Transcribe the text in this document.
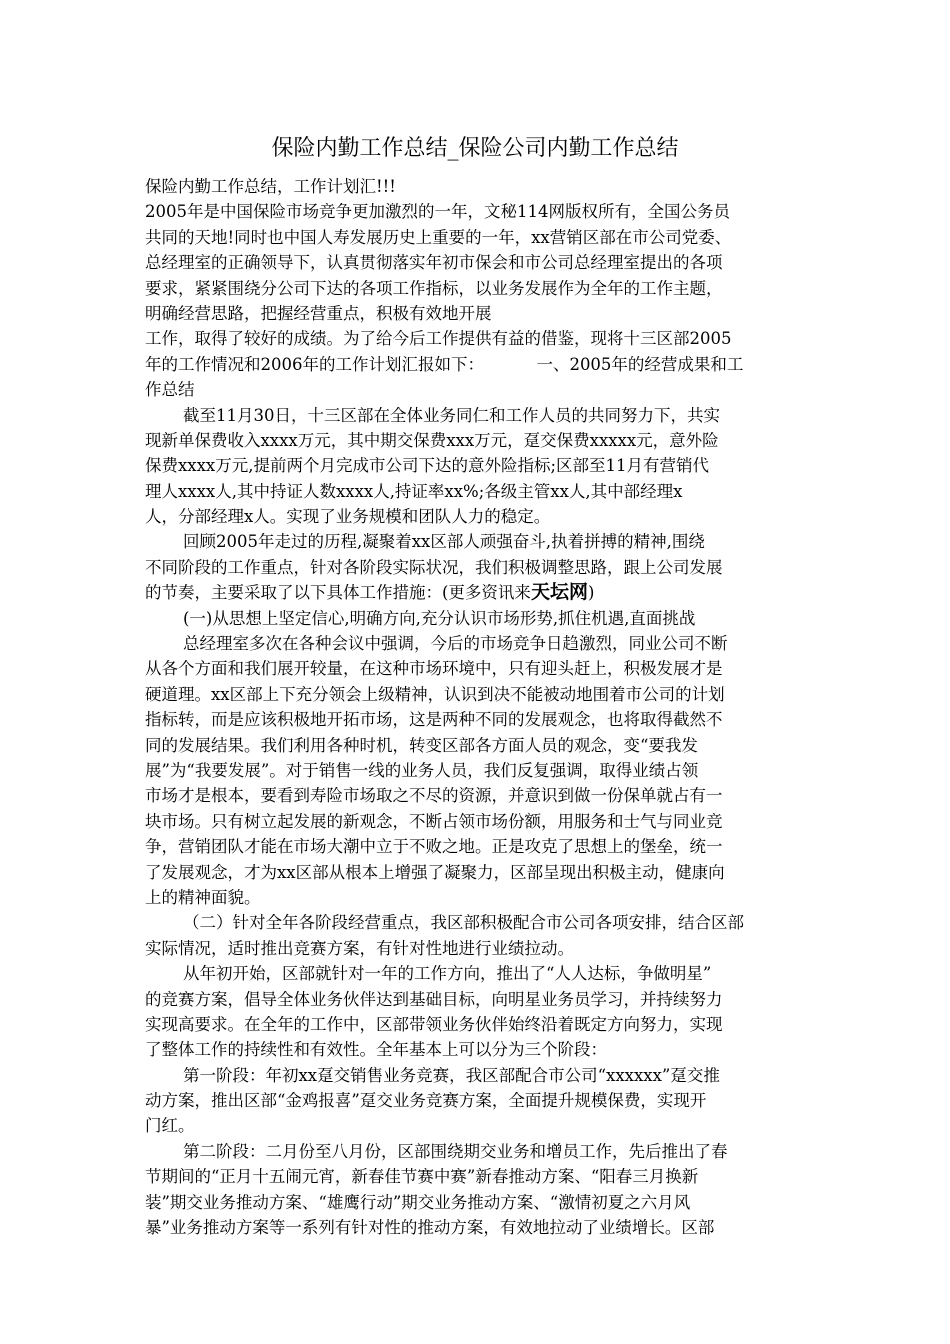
保险内勤工作总结_保险公司内勤工作总结
保险内勤工作总结，工作计划汇!!!
2005年是中国保险市场竞争更加激烈的一年，文秘114网版权所有，全国公务员
共同的天地!同时也中国人寿发展历史上重要的一年，xx营销区部在市公司党委、
总经理室的正确领导下，认真贯彻落实年初市保会和市公司总经理室提出的各项
要求，紧紧围绕分公司下达的各项工作指标，以业务发展作为全年的工作主题，
明确经营思路，把握经营重点，积极有效地开展
工作，取得了较好的成绩。为了给今后工作提供有益的借鉴，现将十三区部2005
年的工作情况和2006年的工作计划汇报如下：          一、2005年的经营成果和工
作总结
截至11月30日，十三区部在全体业务同仁和工作人员的共同努力下，共实
现新单保费收入xxxx万元，其中期交保费xxx万元，趸交保费xxxxx元，意外险
保费xxxx万元,提前两个月完成市公司下达的意外险指标;区部至11月有营销代
理人xxxx人,其中持证人数xxxx人,持证率xx%;各级主管xx人,其中部经理x
人，分部经理x人。实现了业务规模和团队人力的稳定。
回顾2005年走过的历程,凝聚着xx区部人顽强奋斗,执着拼搏的精神,围绕
不同阶段的工作重点，针对各阶段实际状况，我们积极调整思路，跟上公司发展
的节奏，主要采取了以下具体工作措施：(更多资讯来天坛网)
(一)从思想上坚定信心,明确方向,充分认识市场形势,抓住机遇,直面挑战
总经理室多次在各种会议中强调，今后的市场竞争日趋激烈，同业公司不断
从各个方面和我们展开较量，在这种市场环境中，只有迎头赶上，积极发展才是
硬道理。xx区部上下充分领会上级精神，认识到决不能被动地围着市公司的计划
指标转，而是应该积极地开拓市场，这是两种不同的发展观念，也将取得截然不
同的发展结果。我们利用各种时机，转变区部各方面人员的观念，变“要我发
展”为“我要发展”。对于销售一线的业务人员，我们反复强调，取得业绩占领
市场才是根本，要看到寿险市场取之不尽的资源，并意识到做一份保单就占有一
块市场。只有树立起发展的新观念，不断占领市场份额，用服务和士气与同业竞
争，营销团队才能在市场大潮中立于不败之地。正是攻克了思想上的堡垒，统一
了发展观念，才为xx区部从根本上增强了凝聚力，区部呈现出积极主动，健康向
上的精神面貌。
（二）针对全年各阶段经营重点，我区部积极配合市公司各项安排，结合区部
实际情况，适时推出竞赛方案，有针对性地进行业绩拉动。
从年初开始，区部就针对一年的工作方向，推出了“人人达标，争做明星”
的竞赛方案，倡导全体业务伙伴达到基础目标，向明星业务员学习，并持续努力
实现高要求。在全年的工作中，区部带领业务伙伴始终沿着既定方向努力，实现
了整体工作的持续性和有效性。全年基本上可以分为三个阶段：
第一阶段：年初xx趸交销售业务竞赛，我区部配合市公司“xxxxxx”趸交推
动方案，推出区部“金鸡报喜”趸交业务竞赛方案，全面提升规模保费，实现开
门红。
第二阶段：二月份至八月份，区部围绕期交业务和增员工作，先后推出了春
节期间的“正月十五闹元宵，新春佳节赛中赛”新春推动方案、“阳春三月换新
装”期交业务推动方案、“雄鹰行动”期交业务推动方案、“激情初夏之六月风
暴”业务推动方案等一系列有针对性的推动方案，有效地拉动了业绩增长。区部
